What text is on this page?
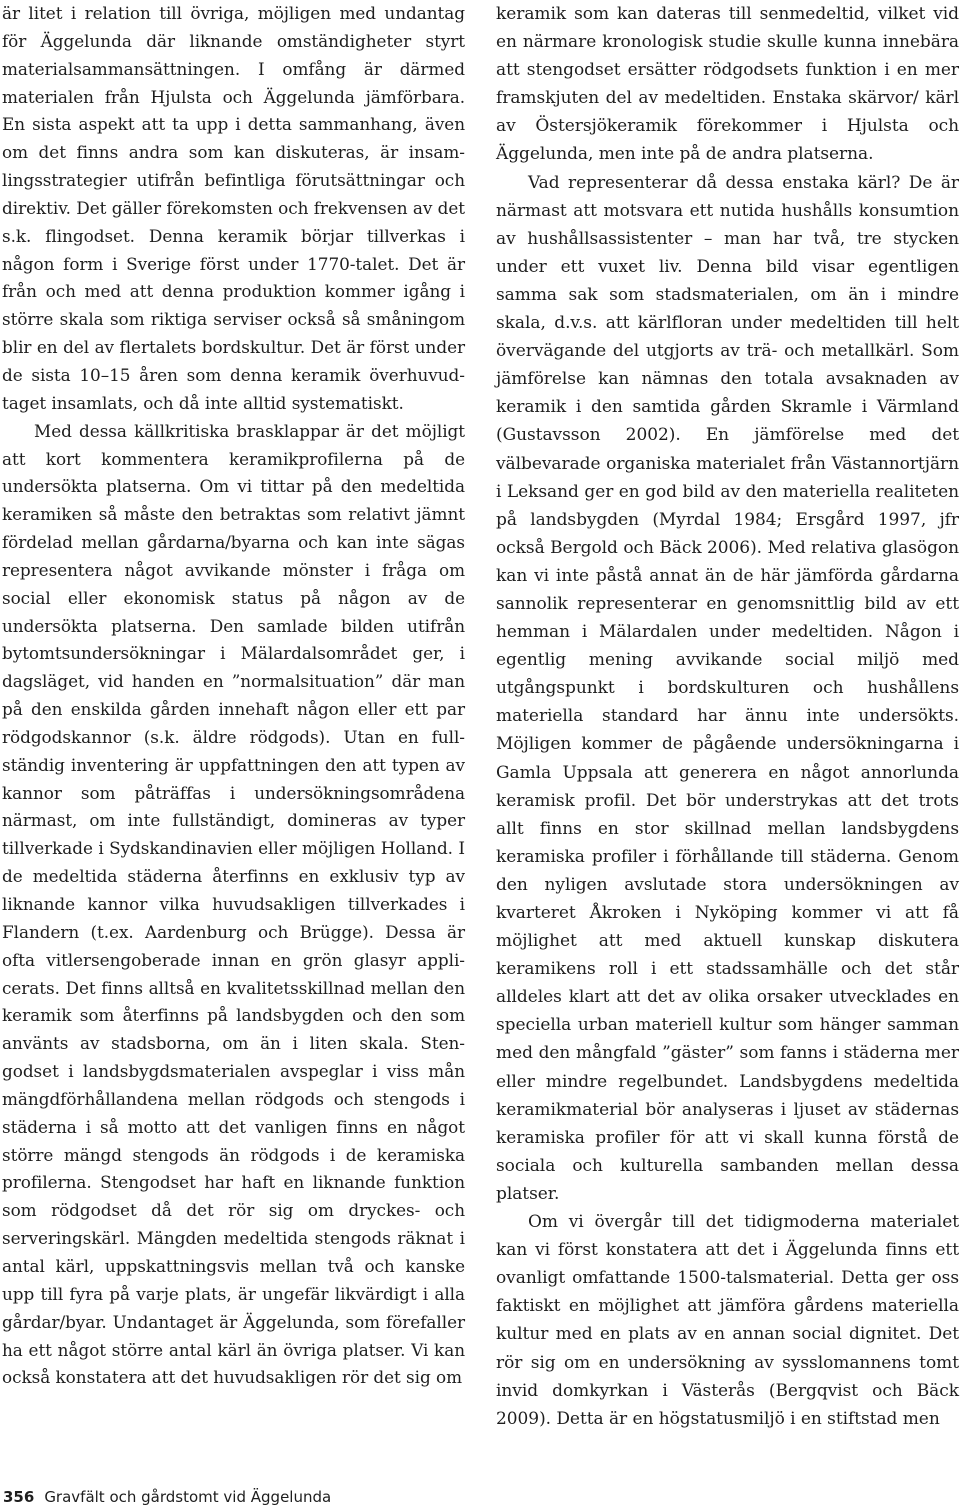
är litet i relation till övriga, möjligen med undantag för Äggelunda där liknande omständigheter styrt materialsammansättningen. I omfång är därmed materialen från Hjulsta och Äggelunda jämförbara. En sista aspekt att ta upp i detta sammanhang, även om det finns andra som kan diskuteras, är insamlingsstrategier utifrån befintliga förutsättningar och direktiv. Det gäller förekomsten och frekvensen av det s.k. flingodset. Denna keramik börjar tillverkas i någon form i Sverige först under 1770-talet. Det är från och med att denna produktion kommer igång i större skala som riktiga serviser också så småningom blir en del av flertalets bordskultur. Det är först under de sista 10–15 åren som denna keramik överhuvudtaget insamlats, och då inte alltid systematiskt.

Med dessa källkritiska brasklappar är det möjligt att kort kommentera keramikprofilerna på de undersökta platserna. Om vi tittar på den medeltida keramiken så måste den betraktas som relativt jämnt fördelad mellan gårdarna/byarna och kan inte sägas representera något avvikande mönster i fråga om social eller ekonomisk status på någon av de undersökta platserna. Den samlade bilden utifrån bytomtsundersökningar i Mälardalsområdet ger, i dagsläget, vid handen en ”normalsituation” där man på den enskilda gården innehaft någon eller ett par rödgodskannor (s.k. äldre rödgods). Utan en fullständig inventering är uppfattningen den att typen av kannor som påträffas i undersökningsområdena närmast, om inte fullständigt, domineras av typer tillverkade i Sydskandinavien eller möjligen Holland. I de medeltida städerna återfinns en exklusiv typ av liknande kannor vilka huvudsakligen tillverkades i Flandern (t.ex. Aardenburg och Brügge). Dessa är ofta vitlersengoberade innan en grön glasyr applicerats. Det finns alltså en kvalitetsskillnad mellan den keramik som återfinns på landsbygden och den som använts av stadsborna, om än i liten skala. Stengodset i landsbygdsmaterialen avspeglar i viss mån mängdförhållandena mellan rödgods och stengods i städerna i så motto att det vanligen finns en något större mängd stengods än rödgods i de keramiska profilerna. Stengodset har haft en liknande funktion som rödgodset då det rör sig om dryckes- och serveringskärl. Mängden medeltida stengods räknat i antal kärl, uppskattningsvis mellan två och kanske upp till fyra på varje plats, är ungefär likvärdigt i alla gårdar/byar. Undantaget är Äggelunda, som förefaller ha ett något större antal kärl än övriga platser. Vi kan också konstatera att det huvudsakligen rör det sig om

keramik som kan dateras till senmedeltid, vilket vid en närmare kronologisk studie skulle kunna innebära att stengodset ersätter rödgodsets funktion i en mer framskjuten del av medeltiden. Enstaka skärvor/ kärl av Östersjökeramik förekommer i Hjulsta och Äggelunda, men inte på de andra platserna.

Vad representerar då dessa enstaka kärl? De är närmast att motsvara ett nutida hushålls konsumtion av hushållsassistenter – man har två, tre stycken under ett vuxet liv. Denna bild visar egentligen samma sak som stadsmaterialen, om än i mindre skala, d.v.s. att kärlfloran under medeltiden till helt övervägande del utgjorts av trä- och metallkärl. Som jämförelse kan nämnas den totala avsaknaden av keramik i den samtida gården Skramle i Värmland (Gustavsson 2002). En jämförelse med det välbevarade organiska materialet från Västannortjärn i Leksand ger en god bild av den materiella realiteten på landsbygden (Myrdal 1984; Ersgård 1997, jfr också Bergold och Bäck 2006). Med relativa glasögon kan vi inte påstå annat än de här jämförda gårdarna sannolik representerar en genomsnittlig bild av ett hemman i Mälardalen under medeltiden. Någon i egentlig mening avvikande social miljö med utgångspunkt i bordskulturen och hushållens materiella standard har ännu inte undersökts. Möjligen kommer de pågående undersökningarna i Gamla Uppsala att generera en något annorlunda keramisk profil. Det bör understrykas att det trots allt finns en stor skillnad mellan landsbygdens keramiska profiler i förhållande till städerna. Genom den nyligen avslutade stora undersökningen av kvarteret Åkroken i Nyköping kommer vi att få möjlighet att med aktuell kunskap diskutera keramikens roll i ett stadssamhälle och det står alldeles klart att det av olika orsaker utvecklades en speciella urban materiell kultur som hänger samman med den mångfald ”gäster” som fanns i städerna mer eller mindre regelbundet. Landsbygdens medeltida keramikmaterial bör analyseras i ljuset av städernas keramiska profiler för att vi skall kunna förstå de sociala och kulturella sambanden mellan dessa platser.

Om vi övergår till det tidigmoderna materialet kan vi först konstatera att det i Äggelunda finns ett ovanligt omfattande 1500-talsmaterial. Detta ger oss faktiskt en möjlighet att jämföra gårdens materiella kultur med en plats av en annan social dignitet. Det rör sig om en undersökning av sysslomannens tomt invid domkyrkan i Västerås (Bergqvist och Bäck 2009). Detta är en högstatusmiljö i en stiftstad men

356 Gravfält och gårdstomt vid Äggelunda
